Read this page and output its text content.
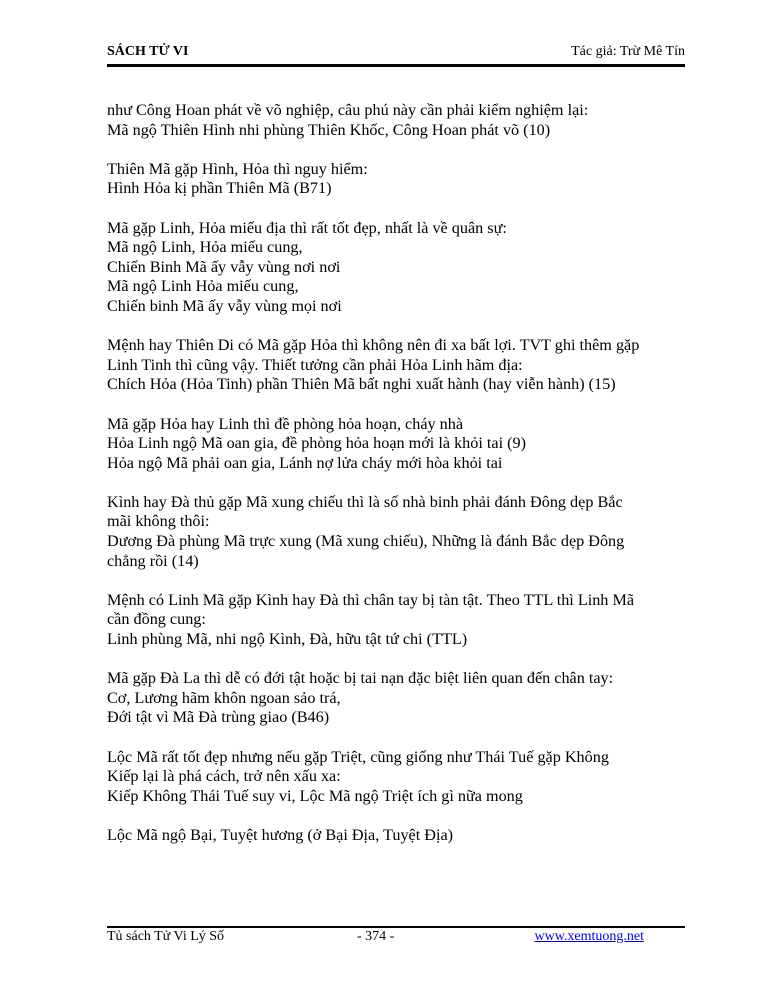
SÁCH TỬ VI	Tác giả: Trừ Mê Tín

như Công Hoan phát về võ nghiệp, câu phú này cần phải kiểm nghiệm lại:
Mã ngộ Thiên Hình nhi phùng Thiên Khốc, Công Hoan phát võ (10)

Thiên Mã gặp Hình, Hỏa thì nguy hiểm:
Hình Hỏa kị phần Thiên Mã (B71)

Mã gặp Linh, Hỏa miếu địa thì rất tốt đẹp, nhất là về quân sự:
Mã ngộ Linh, Hỏa miếu cung,
Chiến Binh Mã ấy vẫy vùng nơi nơi
Mã ngộ Linh Hỏa miếu cung,
Chiến binh Mã ấy vẫy vùng mọi nơi

Mệnh hay Thiên Di có Mã gặp Hỏa thì không nên đi xa bất lợi. TVT ghi thêm gặp
Linh Tinh thì cũng vậy. Thiết tưởng cần phải Hỏa Linh hãm địa:
Chích Hỏa (Hỏa Tinh) phần Thiên Mã bất nghi xuất hành (hay viễn hành) (15)

Mã gặp Hỏa hay Linh thì đề phòng hỏa hoạn, cháy nhà
Hỏa Linh ngộ Mã oan gia, đề phòng hỏa hoạn mới là khỏi tai (9)
Hỏa ngộ Mã phải oan gia, Lánh nợ lửa cháy mới hòa khỏi tai

Kình hay Đà thủ gặp Mã xung chiếu thì là số nhà binh phải đánh Đông dẹp Bắc
mãi không thôi:
Dương Đà phùng Mã trực xung (Mã xung chiếu), Những là đánh Bắc dẹp Đông
chẳng rồi (14)

Mệnh có Linh Mã gặp Kình hay Đà thì chân tay bị tàn tật. Theo TTL thì Linh Mã
cần đồng cung:
Linh phùng Mã, nhi ngộ Kình, Đà, hữu tật tứ chi (TTL)

Mã gặp Đà La thì dễ có đới tật hoặc bị tai nạn đặc biệt liên quan đến chân tay:
Cơ, Lương hãm khôn ngoan sảo trá,
Đới tật vì Mã Đà trùng giao (B46)

Lộc Mã rất tốt đẹp nhưng nếu gặp Triệt, cũng giống như Thái Tuế gặp Không
Kiếp lại là phá cách, trở nên xấu xa:
Kiếp Không Thái Tuế suy vi, Lộc Mã ngộ Triệt ích gì nữa mong

Lộc Mã ngộ Bại, Tuyệt hương (ở Bại Địa, Tuyệt Địa)

Tủ sách Tử Vi Lý Số	- 374 -	www.xemtuong.net
